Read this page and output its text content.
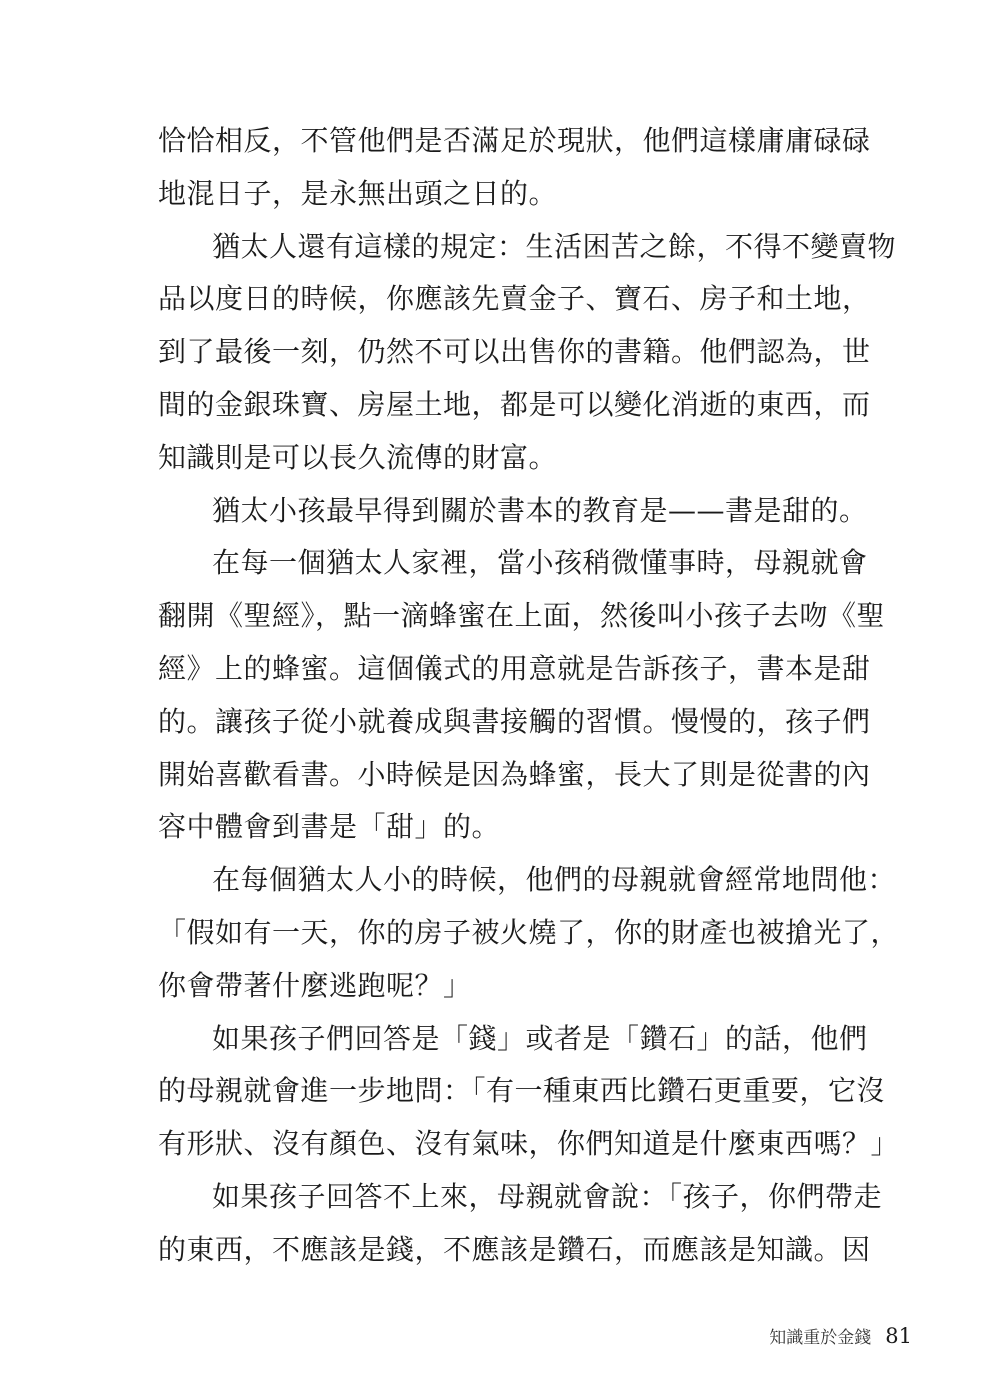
恰恰相反，不管他們是否滿足於現狀，他們這樣庸庸碌碌
地混日子，是永無出頭之日的。
猶太人還有這樣的規定：生活困苦之餘，不得不變賣物
品以度日的時候，你應該先賣金子、寶石、房子和土地，
到了最後一刻，仍然不可以出售你的書籍。他們認為，世
間的金銀珠寶、房屋土地，都是可以變化消逝的東西，而
知識則是可以長久流傳的財富。
猶太小孩最早得到關於書本的教育是——書是甜的。
在每一個猶太人家裡，當小孩稍微懂事時，母親就會
翻開《聖經》，點一滴蜂蜜在上面，然後叫小孩子去吻《聖
經》上的蜂蜜。這個儀式的用意就是告訴孩子，書本是甜
的。讓孩子從小就養成與書接觸的習慣。慢慢的，孩子們
開始喜歡看書。小時候是因為蜂蜜，長大了則是從書的內
容中體會到書是「甜」的。
在每個猶太人小的時候，他們的母親就會經常地問他：
「假如有一天，你的房子被火燒了，你的財產也被搶光了，
你會帶著什麼逃跑呢？」
如果孩子們回答是「錢」或者是「鑽石」的話，他們
的母親就會進一步地問：「有一種東西比鑽石更重要，它沒
有形狀、沒有顏色、沒有氣味，你們知道是什麼東西嗎？」
如果孩子回答不上來，母親就會說：「孩子，你們帶走
的東西，不應該是錢，不應該是鑽石，而應該是知識。因
知識重於金錢 81
